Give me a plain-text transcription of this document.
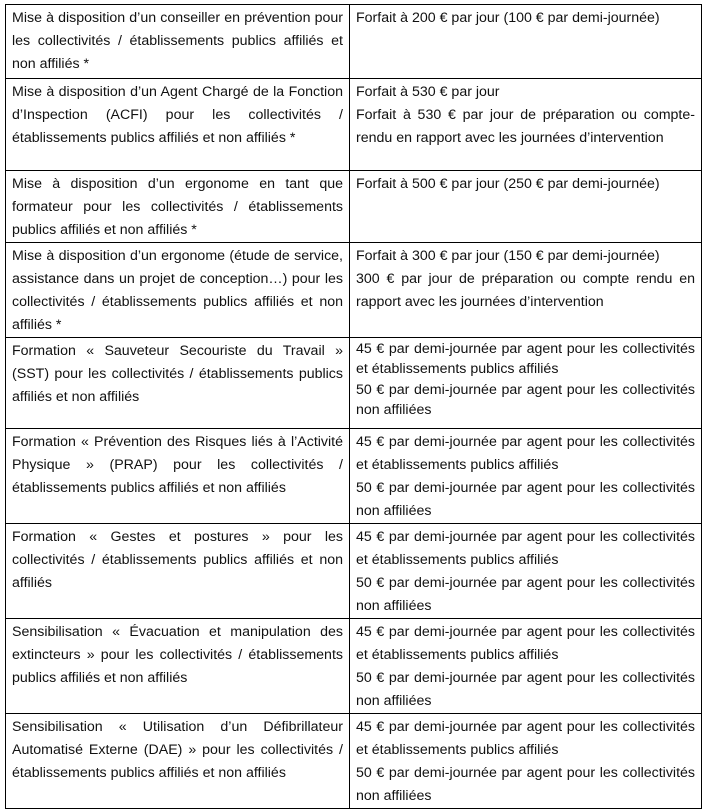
Mise à disposition d’un conseiller en prévention pour les collectivités / établissements publics affiliés et non affiliés *	Forfait à 200 € par jour (100 € par demi-journée)

Mise à disposition d’un Agent Chargé de la Fonction d’Inspection (ACFI) pour les collectivités / établissements publics affiliés et non affiliés *	Forfait à 530 € par jour
Forfait à 530 € par jour de préparation ou compte-rendu en rapport avec les journées d’intervention

Mise à disposition d’un ergonome en tant que formateur pour les collectivités / établissements publics affiliés et non affiliés *	Forfait à 500 € par jour (250 € par demi-journée)

Mise à disposition d’un ergonome (étude de service, assistance dans un projet de conception…) pour les collectivités / établissements publics affiliés et non affiliés *	Forfait à 300 € par jour (150 € par demi-journée)
300 € par jour de préparation ou compte rendu en rapport avec les journées d’intervention

Formation « Sauveteur Secouriste du Travail » (SST) pour les collectivités / établissements publics affiliés et non affiliés	45 € par demi-journée par agent pour les collectivités et établissements publics affiliés
50 € par demi-journée par agent pour les collectivités non affiliées

Formation « Prévention des Risques liés à l’Activité Physique » (PRAP) pour les collectivités / établissements publics affiliés et non affiliés	45 € par demi-journée par agent pour les collectivités et établissements publics affiliés
50 € par demi-journée par agent pour les collectivités non affiliées

Formation « Gestes et postures » pour les collectivités / établissements publics affiliés et non affiliés	45 € par demi-journée par agent pour les collectivités et établissements publics affiliés
50 € par demi-journée par agent pour les collectivités non affiliées

Sensibilisation « Évacuation et manipulation des extincteurs » pour les collectivités / établissements publics affiliés et non affiliés	45 € par demi-journée par agent pour les collectivités et établissements publics affiliés
50 € par demi-journée par agent pour les collectivités non affiliées

Sensibilisation « Utilisation d’un Défibrillateur Automatisé Externe (DAE) » pour les collectivités / établissements publics affiliés et non affiliés	45 € par demi-journée par agent pour les collectivités et établissements publics affiliés
50 € par demi-journée par agent pour les collectivités non affiliées
